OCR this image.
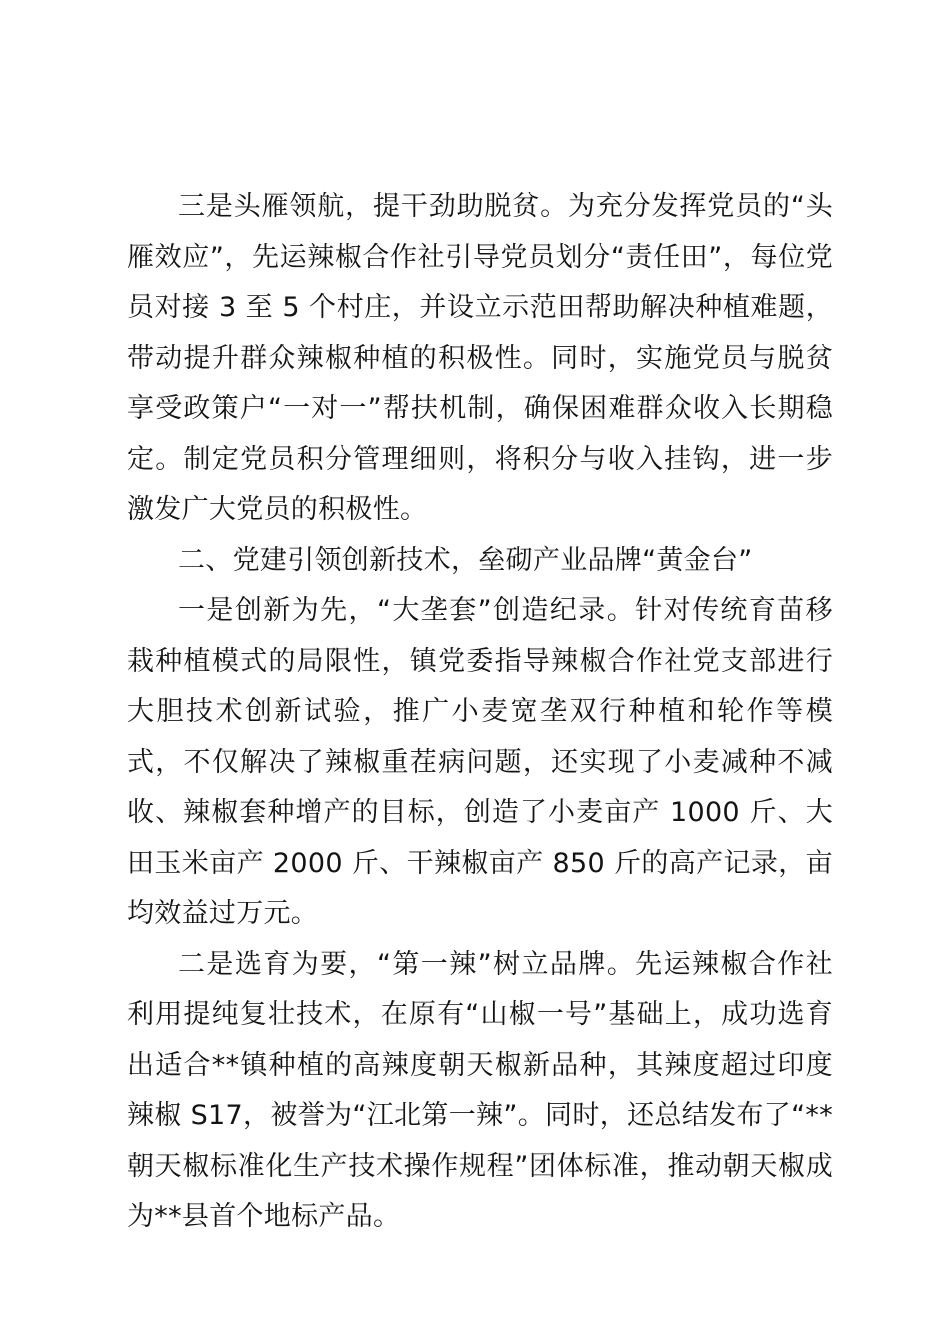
三是头雁领航，提干劲助脱贫。为充分发挥党员的“头雁效应”，先运辣椒合作社引导党员划分“责任田”，每位党员对接 3 至 5 个村庄，并设立示范田帮助解决种植难题，带动提升群众辣椒种植的积极性。同时，实施党员与脱贫享受政策户“一对一”帮扶机制，确保困难群众收入长期稳定。制定党员积分管理细则，将积分与收入挂钩，进一步激发广大党员的积极性。

二、党建引领创新技术，垒砌产业品牌“黄金台”

一是创新为先，“大垄套”创造纪录。针对传统育苗移栽种植模式的局限性，镇党委指导辣椒合作社党支部进行大胆技术创新试验，推广小麦宽垄双行种植和轮作等模式，不仅解决了辣椒重茬病问题，还实现了小麦减种不减收、辣椒套种增产的目标，创造了小麦亩产 1000 斤、大田玉米亩产 2000 斤、干辣椒亩产 850 斤的高产记录，亩均效益过万元。

二是选育为要，“第一辣”树立品牌。先运辣椒合作社利用提纯复壮技术，在原有“山椒一号”基础上，成功选育出适合**镇种植的高辣度朝天椒新品种，其辣度超过印度辣椒 S17，被誉为“江北第一辣”。同时，还总结发布了“**朝天椒标准化生产技术操作规程”团体标准，推动朝天椒成为**县首个地标产品。
